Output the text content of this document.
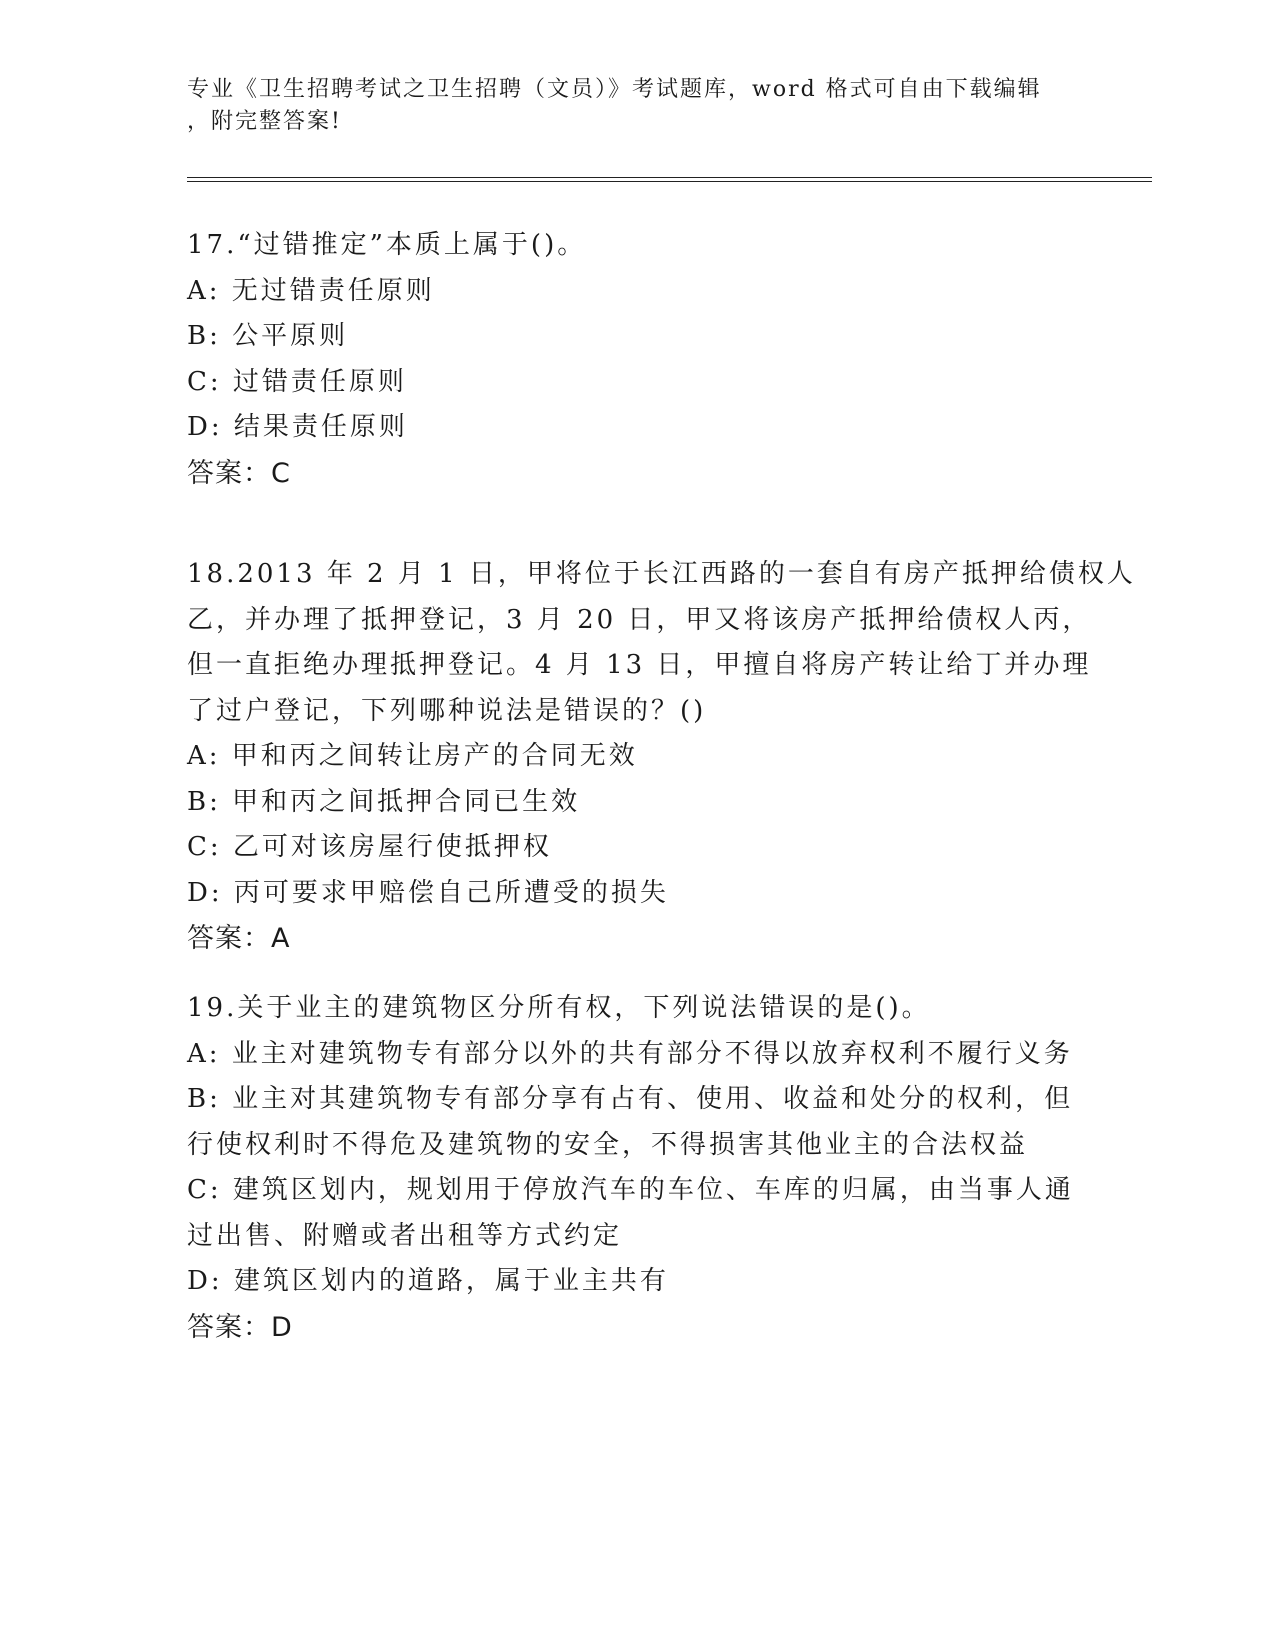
专业《卫生招聘考试之卫生招聘（文员）》考试题库，word 格式可自由下载编辑
，附完整答案!
17.“过错推定”本质上属于()。
A: 无过错责任原则
B: 公平原则
C: 过错责任原则
D: 结果责任原则
答案：C
18.2013 年 2 月 1 日，甲将位于长江西路的一套自有房产抵押给债权人
乙，并办理了抵押登记，3 月 20 日，甲又将该房产抵押给债权人丙，
但一直拒绝办理抵押登记。4 月 13 日，甲擅自将房产转让给丁并办理
了过户登记，下列哪种说法是错误的？()
A: 甲和丙之间转让房产的合同无效
B: 甲和丙之间抵押合同已生效
C: 乙可对该房屋行使抵押权
D: 丙可要求甲赔偿自己所遭受的损失
答案：A
19.关于业主的建筑物区分所有权，下列说法错误的是()。
A: 业主对建筑物专有部分以外的共有部分不得以放弃权利不履行义务
B: 业主对其建筑物专有部分享有占有、使用、收益和处分的权利，但
行使权利时不得危及建筑物的安全，不得损害其他业主的合法权益
C: 建筑区划内，规划用于停放汽车的车位、车库的归属，由当事人通
过出售、附赠或者出租等方式约定
D: 建筑区划内的道路，属于业主共有
答案：D
